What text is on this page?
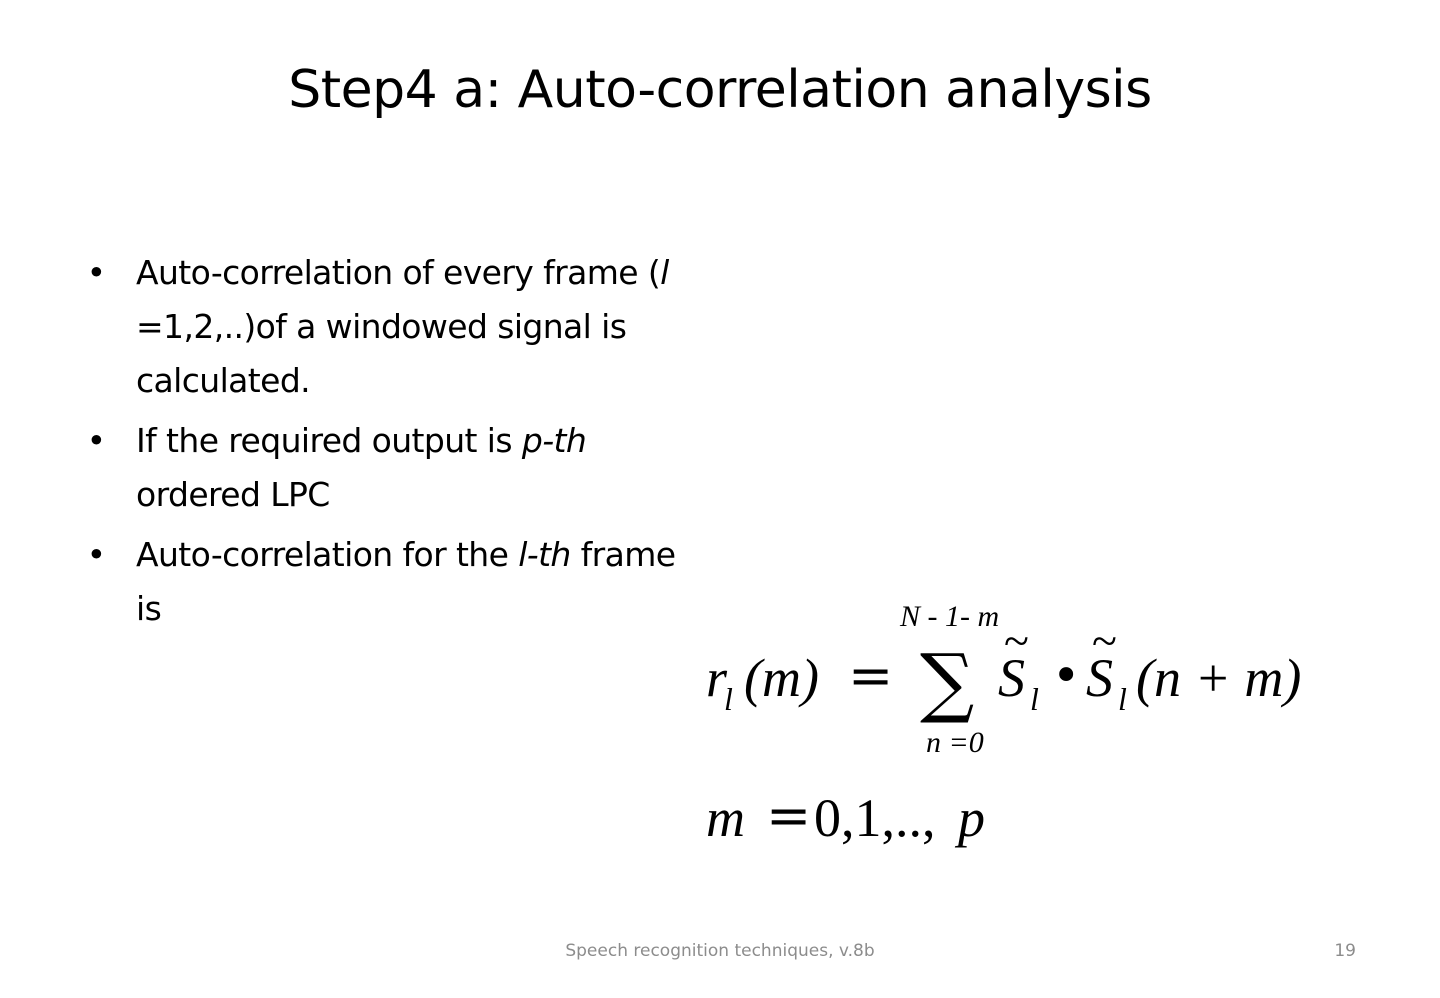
Step4 a: Auto-correlation analysis
• Auto-correlation of every frame (l =1,2,..)of a windowed signal is calculated.
• If the required output is p-th ordered LPC
• Auto-correlation for the l-th frame is
r
l (m) =
N - 1- m
∑
n =0
~
S l •
~
S l (n + m)
m = 0,1,.., p
Speech recognition techniques, v.8b	19
